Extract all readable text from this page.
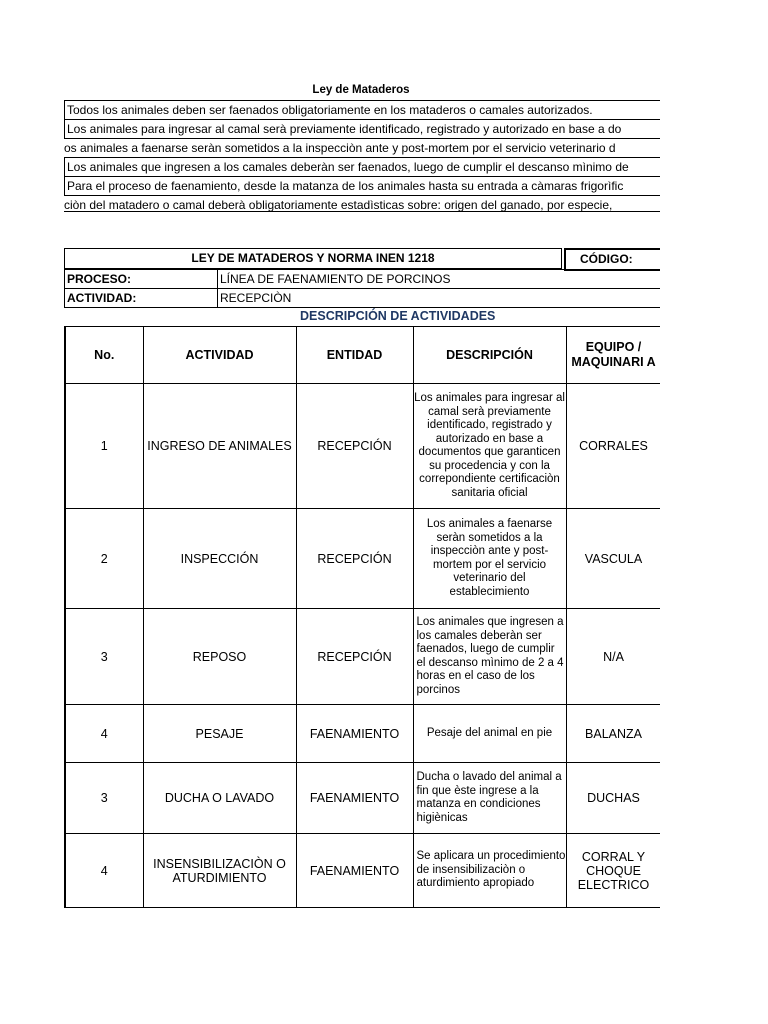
Ley de Mataderos
Todos los animales deben ser faenados obligatoriamente en los mataderos o camales autorizados.
Los animales para ingresar al camal serà previamente identificado, registrado y autorizado en base a do
os animales a faenarse seràn sometidos a la inspecciòn ante y post-mortem por el servicio veterinario d
Los animales que ingresen a los camales deberàn ser faenados, luego de cumplir el descanso mìnimo de
Para el proceso de faenamiento, desde la matanza de los animales hasta su entrada a càmaras frigorìfic
ciòn del matadero o camal deberà obligatoriamente estadìsticas sobre: origen del ganado, por especie,
LEY DE MATADEROS Y NORMA INEN 1218	CÓDIGO:
PROCESO:	LÍNEA DE FAENAMIENTO DE PORCINOS
ACTIVIDAD:	RECEPCIÒN
DESCRIPCIÓN DE ACTIVIDADES
No.	ACTIVIDAD	ENTIDAD	DESCRIPCIÓN	EQUIPO / MAQUINARI A
1	INGRESO DE ANIMALES	RECEPCIÓN	Los animales para ingresar al camal serà previamente identificado, registrado y autorizado en base a documentos que garanticen su procedencia y con la correpondiente certificaciòn sanitaria oficial	CORRALES
2	INSPECCIÓN	RECEPCIÓN	Los animales a faenarse seràn sometidos a la inspecciòn ante y post-mortem por el servicio veterinario del establecimiento	VASCULA
3	REPOSO	RECEPCIÓN	Los animales que ingresen a los camales deberàn ser faenados, luego de cumplir el descanso mìnimo de 2 a 4 horas en el caso de los porcinos	N/A
4	PESAJE	FAENAMIENTO	Pesaje del animal en pie	BALANZA
3	DUCHA O LAVADO	FAENAMIENTO	Ducha o lavado del animal a fin que èste ingrese a la matanza en condiciones higiènicas	DUCHAS
4	INSENSIBILIZACIÒN O ATURDIMIENTO	FAENAMIENTO	Se aplicara un procedimiento de insensibilizaciòn o aturdimiento apropiado	CORRAL Y CHOQUE ELECTRICO
